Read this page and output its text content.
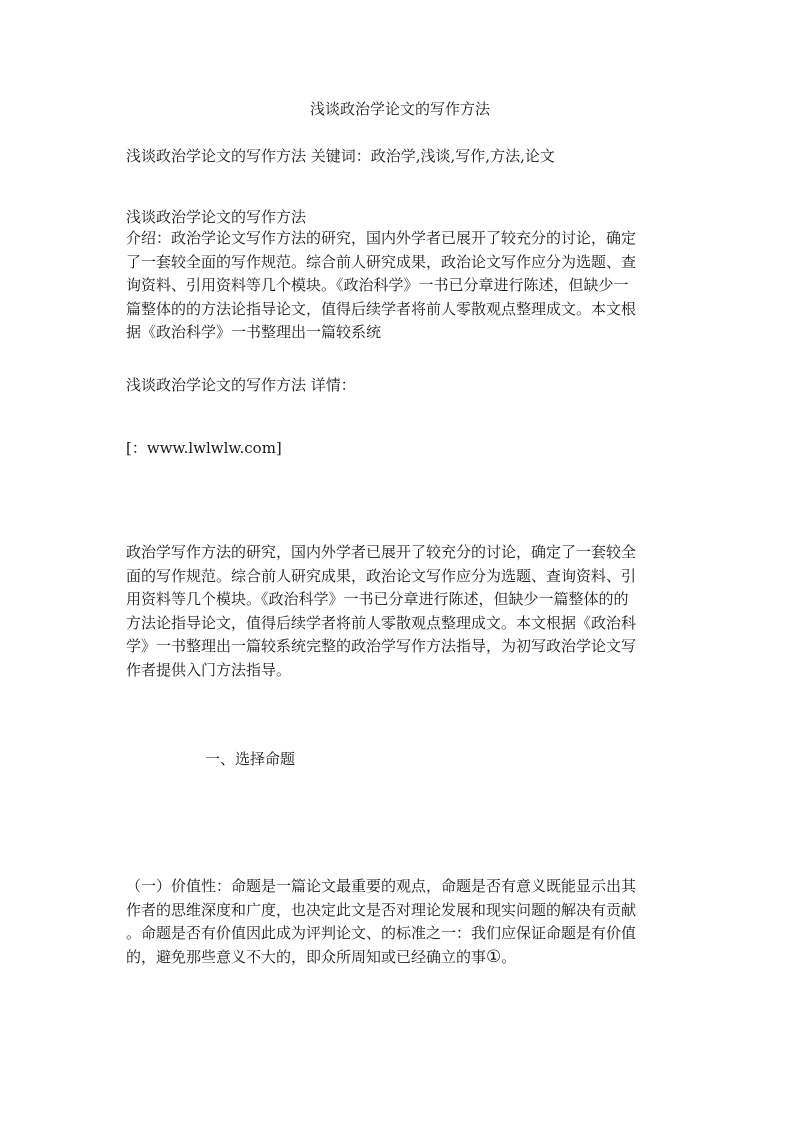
浅谈政治学论文的写作方法
浅谈政治学论文的写作方法 关键词：政治学,浅谈,写作,方法,论文
浅谈政治学论文的写作方法
介绍：政治学论文写作方法的研究，国内外学者已展开了较充分的讨论，确定
了一套较全面的写作规范。综合前人研究成果，政治论文写作应分为选题、查
询资料、引用资料等几个模块。《政治科学》一书已分章进行陈述，但缺少一
篇整体的的方法论指导论文，值得后续学者将前人零散观点整理成文。本文根
据《政治科学》一书整理出一篇较系统
浅谈政治学论文的写作方法 详情：
[：www.lwlwlw.com]
政治学写作方法的研究，国内外学者已展开了较充分的讨论，确定了一套较全
面的写作规范。综合前人研究成果，政治论文写作应分为选题、查询资料、引
用资料等几个模块。《政治科学》一书已分章进行陈述，但缺少一篇整体的的
方法论指导论文，值得后续学者将前人零散观点整理成文。本文根据《政治科
学》一书整理出一篇较系统完整的政治学写作方法指导，为初写政治学论文写
作者提供入门方法指导。
一、选择命题
（一）价值性：命题是一篇论文最重要的观点，命题是否有意义既能显示出其
作者的思维深度和广度，也决定此文是否对理论发展和现实问题的解决有贡献
。命题是否有价值因此成为评判论文、的标准之一：我们应保证命题是有价值
的，避免那些意义不大的，即众所周知或已经确立的事①。
